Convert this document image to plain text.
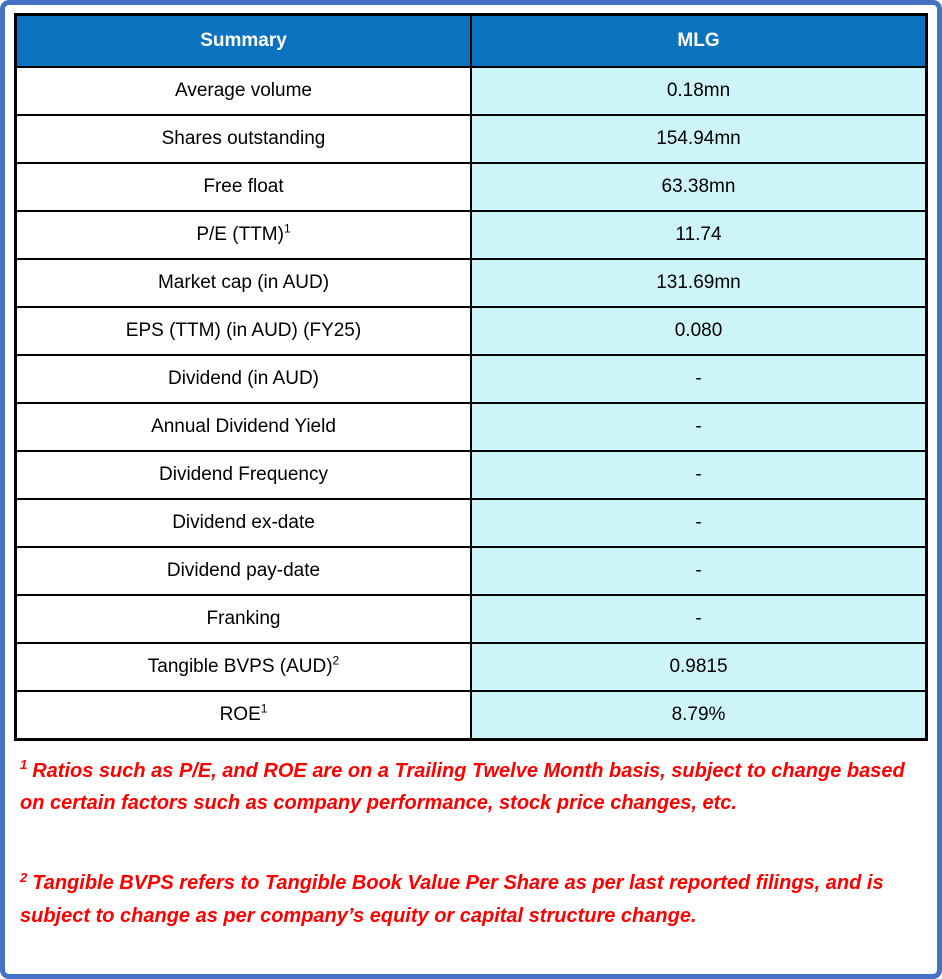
Summary	MLG
Average volume	0.18mn
Shares outstanding	154.94mn
Free float	63.38mn
P/E (TTM)$^1$	11.74
Market cap (in AUD)	131.69mn
EPS (TTM) (in AUD) (FY25)	0.080
Dividend (in AUD)	-
Annual Dividend Yield	-
Dividend Frequency	-
Dividend ex-date	-
Dividend pay-date	-
Franking	-
Tangible BVPS (AUD)$^2$	0.9815
ROE$^1$	8.79%

$^1$ Ratios such as P/E, and ROE are on a Trailing Twelve Month basis, subject to change based on certain factors such as company performance, stock price changes, etc.

$^2$ Tangible BVPS refers to Tangible Book Value Per Share as per last reported filings, and is subject to change as per company’s equity or capital structure change.
